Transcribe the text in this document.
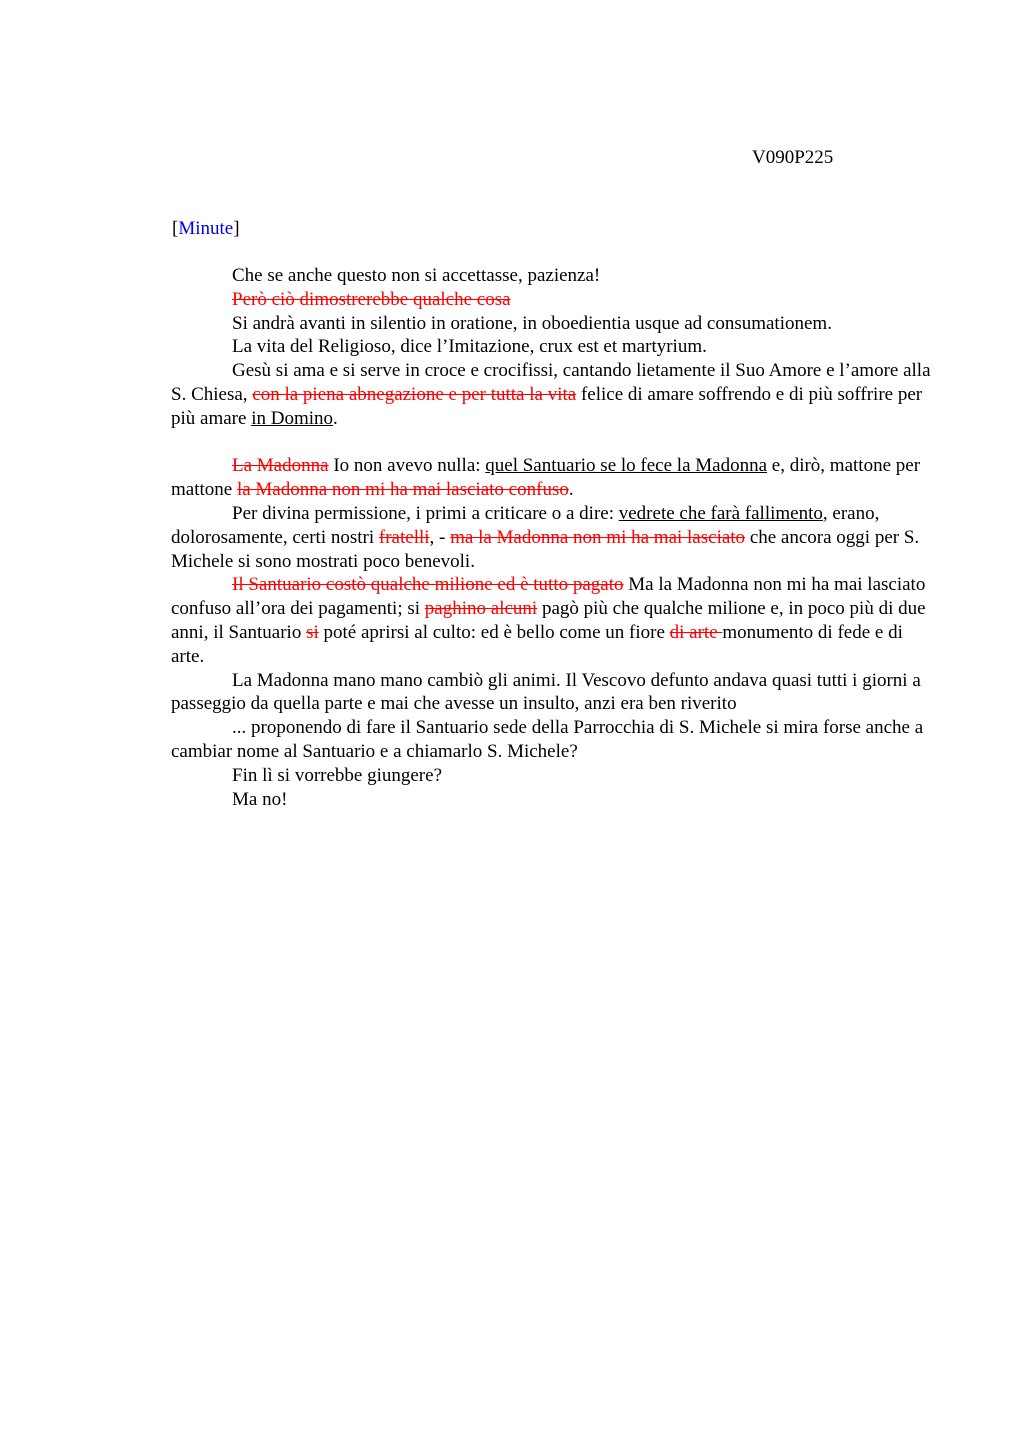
V090P225
[Minute]

Che se anche questo non si accettasse, pazienza!

Però ciò dimostrerebbe qualche cosa

Si andrà avanti in silentio in oratione, in oboedientia usque ad consumationem.

La vita del Religioso, dice l’Imitazione, crux est et martyrium.

Gesù si ama e si serve in croce e crocifissi, cantando lietamente il Suo Amore e l’amore alla S. Chiesa, con la piena abnegazione e per tutta la vita felice di amare soffrendo e di più soffrire per più amare in Domino.

La Madonna Io non avevo nulla: quel Santuario se lo fece la Madonna e, dirò, mattone per mattone la Madonna non mi ha mai lasciato confuso.

Per divina permissione, i primi a criticare o a dire: vedrete che farà fallimento, erano, dolorosamente, certi nostri fratelli, - ma la Madonna non mi ha mai lasciato che ancora oggi per S. Michele si sono mostrati poco benevoli.

Il Santuario costò qualche milione ed è tutto pagato Ma la Madonna non mi ha mai lasciato confuso all’ora dei pagamenti; si paghino alcuni pagò più che qualche milione e, in poco più di due anni, il Santuario si poté aprirsi al culto: ed è bello come un fiore di arte monumento di fede e di arte.

La Madonna mano mano cambiò gli animi. Il Vescovo defunto andava quasi tutti i giorni a passeggio da quella parte e mai che avesse un insulto, anzi era ben riverito

... proponendo di fare il Santuario sede della Parrocchia di S. Michele si mira forse anche a cambiar nome al Santuario e a chiamarlo S. Michele?

Fin lì si vorrebbe giungere?

Ma no!
